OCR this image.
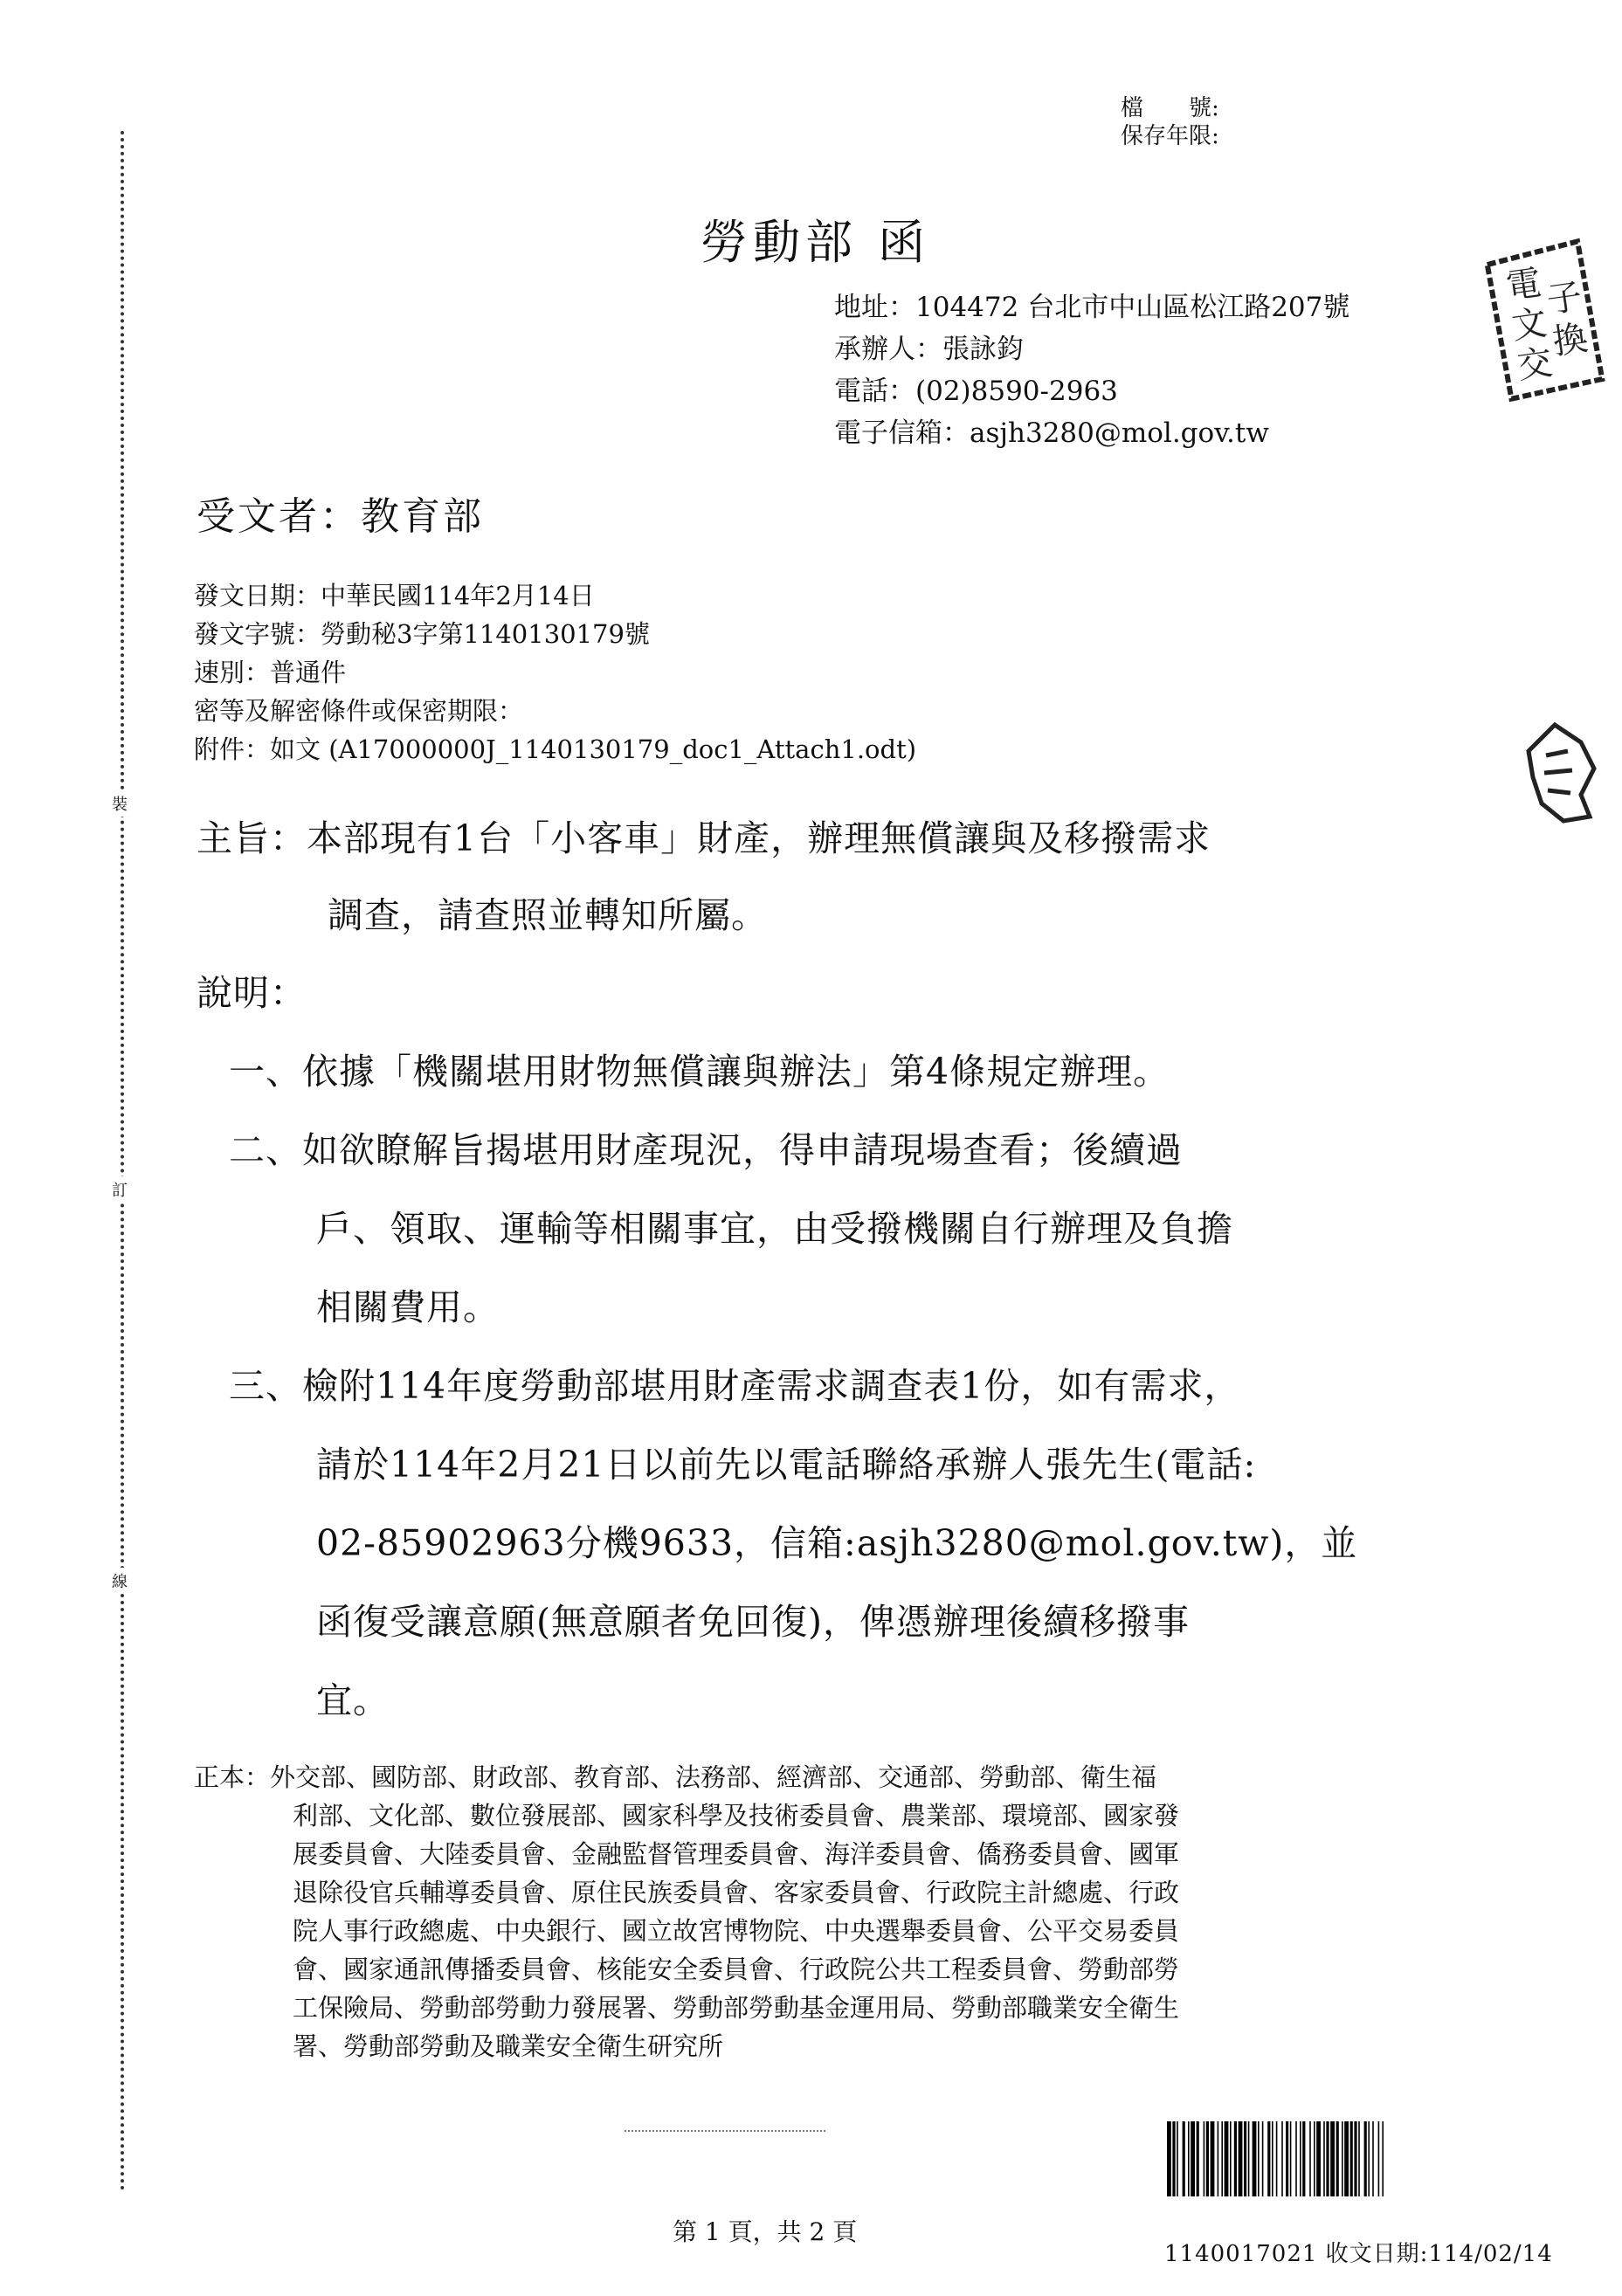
裝
訂
線
檔　　號:
保存年限:
電
文
交
子
換
勞動部 函
地址：104472 台北市中山區松江路207號
承辦人：張詠鈞
電話：(02)8590-2963
電子信箱：asjh3280@mol.gov.tw
受文者：教育部
發文日期：中華民國114年2月14日
發文字號：勞動秘3字第1140130179號
速別：普通件
密等及解密條件或保密期限：
附件：如文 (A17000000J_1140130179_doc1_Attach1.odt)
主旨：本部現有1台「小客車」財產，辦理無償讓與及移撥需求
調查，請查照並轉知所屬。
說明：
一、依據「機關堪用財物無償讓與辦法」第4條規定辦理。
二、如欲瞭解旨揭堪用財產現況，得申請現場查看；後續過
戶、領取、運輸等相關事宜，由受撥機關自行辦理及負擔
相關費用。
三、檢附114年度勞動部堪用財產需求調查表1份，如有需求，
請於114年2月21日以前先以電話聯絡承辦人張先生(電話:
02-85902963分機9633，信箱:asjh3280@mol.gov.tw)，並
函復受讓意願(無意願者免回復)，俾憑辦理後續移撥事
宜。
正本：外交部、國防部、財政部、教育部、法務部、經濟部、交通部、勞動部、衛生福
利部、文化部、數位發展部、國家科學及技術委員會、農業部、環境部、國家發
展委員會、大陸委員會、金融監督管理委員會、海洋委員會、僑務委員會、國軍
退除役官兵輔導委員會、原住民族委員會、客家委員會、行政院主計總處、行政
院人事行政總處、中央銀行、國立故宮博物院、中央選舉委員會、公平交易委員
會、國家通訊傳播委員會、核能安全委員會、行政院公共工程委員會、勞動部勞
工保險局、勞動部勞動力發展署、勞動部勞動基金運用局、勞動部職業安全衛生
署、勞動部勞動及職業安全衛生研究所
第 1 頁，共 2 頁
1140017021 收文日期:114/02/14
